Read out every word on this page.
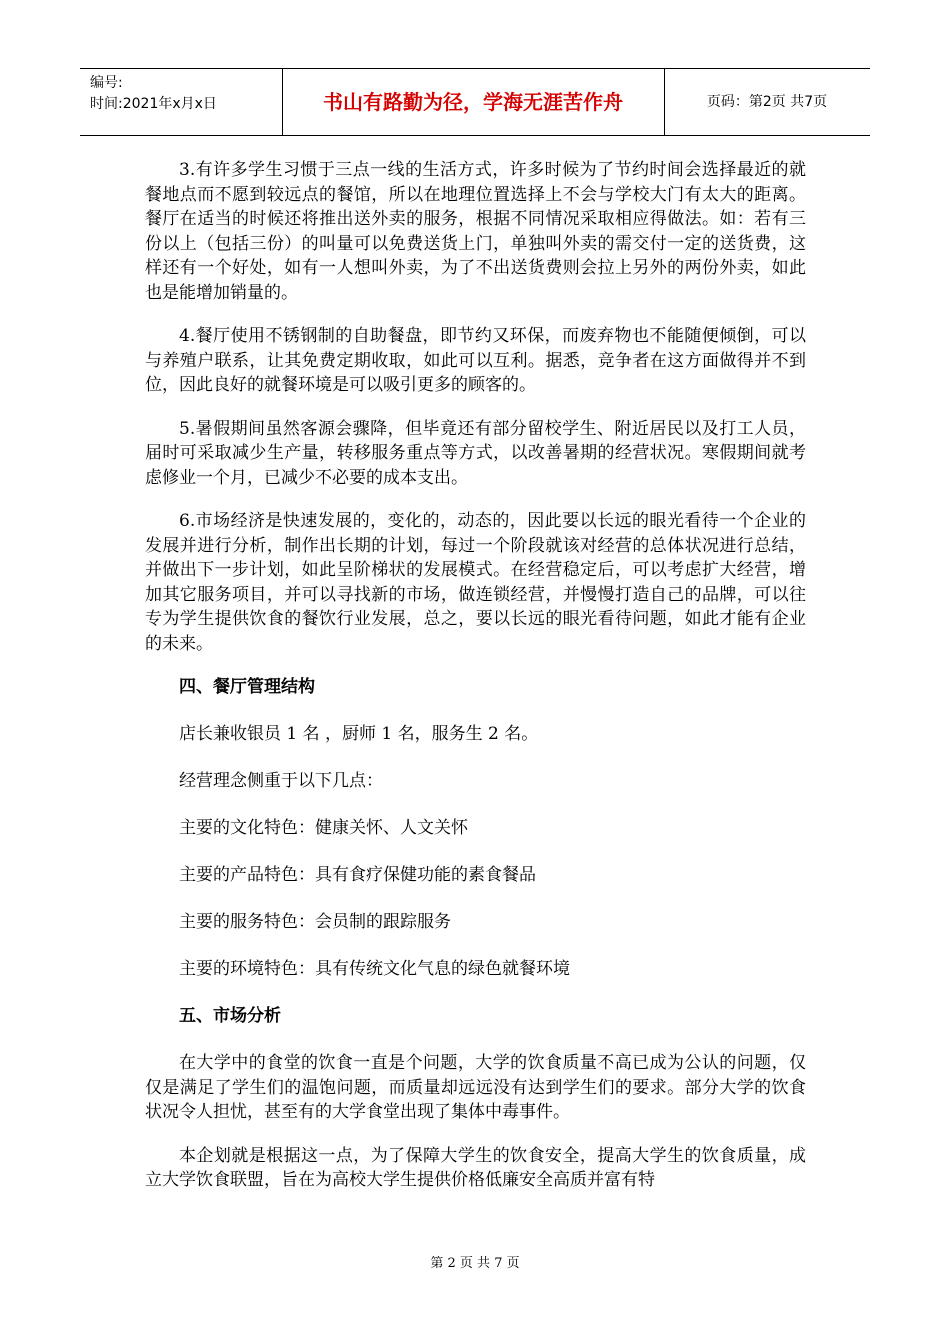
编号:
时间:2021年x月x日	书山有路勤为径，学海无涯苦作舟	页码：第2页 共7页

3.有许多学生习惯于三点一线的生活方式，许多时候为了节约时间会选择最近的就餐地点而不愿到较远点的餐馆，所以在地理位置选择上不会与学校大门有太大的距离。餐厅在适当的时候还将推出送外卖的服务，根据不同情况采取相应得做法。如：若有三份以上（包括三份）的叫量可以免费送货上门，单独叫外卖的需交付一定的送货费，这样还有一个好处，如有一人想叫外卖，为了不出送货费则会拉上另外的两份外卖，如此也是能增加销量的。

4.餐厅使用不锈钢制的自助餐盘，即节约又环保，而废弃物也不能随便倾倒，可以与养殖户联系，让其免费定期收取，如此可以互利。据悉，竞争者在这方面做得并不到位，因此良好的就餐环境是可以吸引更多的顾客的。

5.暑假期间虽然客源会骤降，但毕竟还有部分留校学生、附近居民以及打工人员，届时可采取减少生产量，转移服务重点等方式，以改善暑期的经营状况。寒假期间就考虑修业一个月，已减少不必要的成本支出。

6.市场经济是快速发展的，变化的，动态的，因此要以长远的眼光看待一个企业的发展并进行分析，制作出长期的计划，每过一个阶段就该对经营的总体状况进行总结，并做出下一步计划，如此呈阶梯状的发展模式。在经营稳定后，可以考虑扩大经营，增加其它服务项目，并可以寻找新的市场，做连锁经营，并慢慢打造自己的品牌，可以往专为学生提供饮食的餐饮行业发展，总之，要以长远的眼光看待问题，如此才能有企业的未来。

四、餐厅管理结构

店长兼收银员 1 名 ，厨师 1 名，服务生 2 名。

经营理念侧重于以下几点：

主要的文化特色：健康关怀、人文关怀

主要的产品特色：具有食疗保健功能的素食餐品

主要的服务特色：会员制的跟踪服务

主要的环境特色：具有传统文化气息的绿色就餐环境

五、市场分析

在大学中的食堂的饮食一直是个问题，大学的饮食质量不高已成为公认的问题，仅仅是满足了学生们的温饱问题，而质量却远远没有达到学生们的要求。部分大学的饮食状况令人担忧，甚至有的大学食堂出现了集体中毒事件。

本企划就是根据这一点，为了保障大学生的饮食安全，提高大学生的饮食质量，成立大学饮食联盟，旨在为高校大学生提供价格低廉安全高质并富有特

第 2 页 共 7 页
